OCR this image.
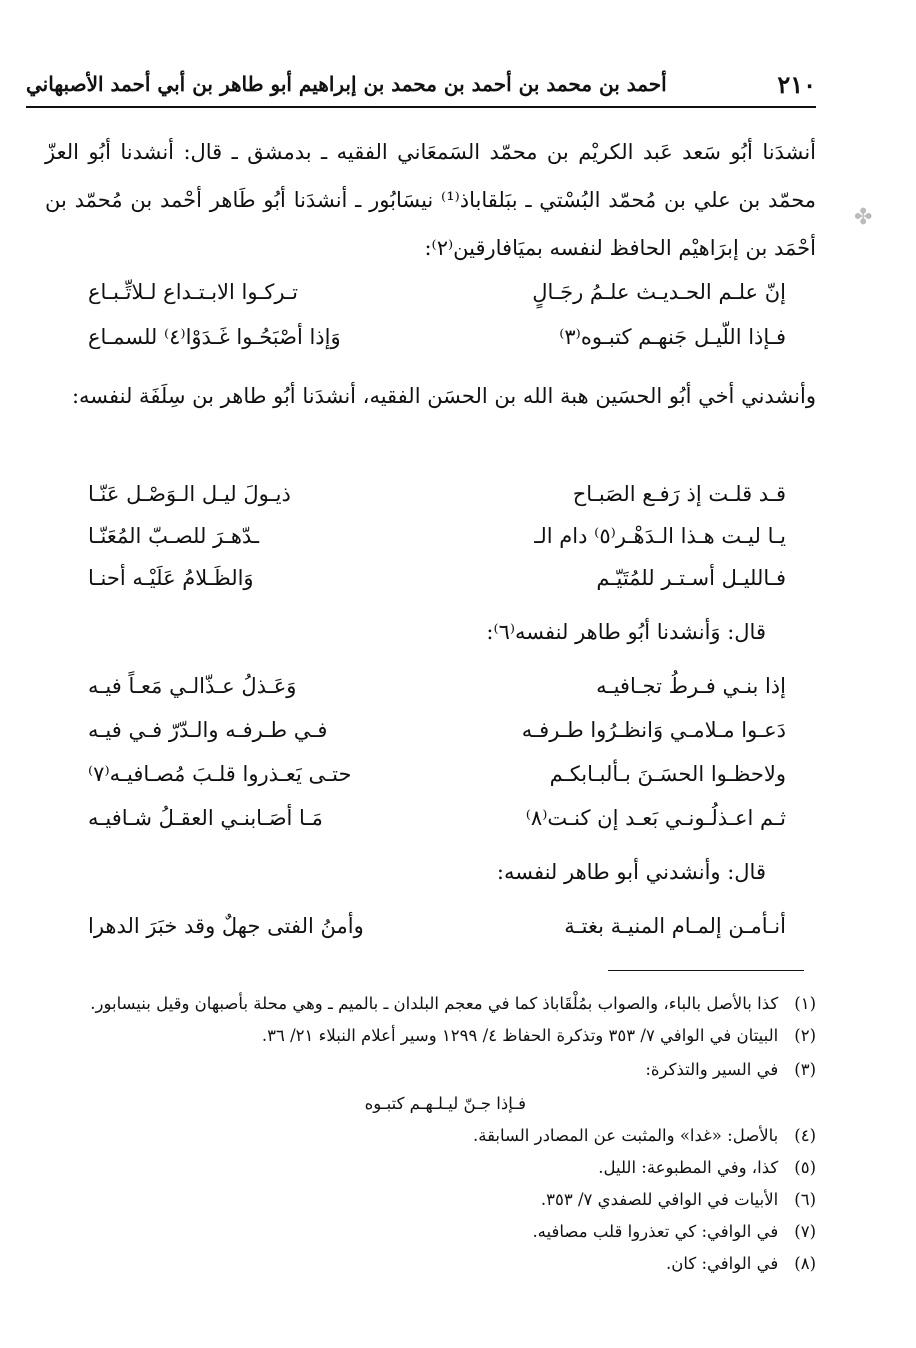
٢١٠
أحمد بن محمد بن أحمد بن محمد بن إبراهيم أبو طاهر بن أبي أحمد الأصبهاني
أنشدَنا أبُو سَعد عَبد الكريْم بن محمّد السَمعَاني الفقيه ـ بدمشق ـ قال: أنشدنا أبُو العزّ محمّد بن علي بن مُحمّد البُسْتي ـ ببَلقاباذ⁽¹⁾ نيسَابُور ـ أنشدَنا أبُو طَاهر أحْمد بن مُحمّد بن أحْمَد بن إبرَاهيْم الحافظ لنفسه بميَافارقين⁽٢⁾:
إنّ علـم الحـديـث علـمُ رجَـالٍ
تـركـوا الابـتـداع لـلاتِّـبـاع
فـإذا اللّيـل جَنهـم كتبـوه⁽٣⁾
وَإذا أصْبَحُـوا غَـدَوْا⁽٤⁾ للسمـاع
وأنشدني أخي أبُو الحسَين هبة الله بن الحسَن الفقيه، أنشدَنا أبُو طاهر بن سِلَفَة لنفسه:
قـد قلـت إذ رَفـع الصَبـاح
ذيـولَ ليـل الـوَصْـل عَنّـا
يـا ليـت هـذا الـدَهْـر⁽٥⁾ دام الـ
ـدّهـرَ للصـبّ المُعَنّـا
فـالليـل أسـتـر للمُتَيّـم
وَالظَـلامُ عَلَيْـه أحنـا
قال: وَأنشدنا أبُو طاهر لنفسه⁽٦⁾:
إذا بنـي فـرطُ تجـافيـه
وَعَـذلُ عـذّالـي مَعـاً فيـه
دَعـوا مـلامـي وَانظـرُوا طـرفـه
فـي طـرفـه والـدّرّ فـي فيـه
ولاحظـوا الحسَـنَ بـألبـابكـم
حتـى يَعـذروا قلـبَ مُصـافيـه⁽٧⁾
ثـم اعـذلُـونـي بَعـد إن كنـت⁽٨⁾
مَـا أصَـابنـي العقـلُ شـافيـه
قال: وأنشدني أبو طاهر لنفسه:
أنـأمـن إلمـام المنيـة بغتـة
وأمنُ الفتى جهلٌ وقد خبَرَ الدهرا
(١)
كذا بالأصل بالباء، والصواب بمُلْقَاباذ كما في معجم البلدان ـ بالميم ـ وهي محلة بأصبهان وقيل بنيسابور.
(٢)
البيتان في الوافي ٧/ ٣٥٣ وتذكرة الحفاظ ٤/ ١٢٩٩ وسير أعلام النبلاء ٢١/ ٣٦.
(٣)
في السير والتذكرة:
فـإذا جـنّ ليـلـهـم كتبـوه
(٤)
بالأصل: «غدا» والمثبت عن المصادر السابقة.
(٥)
كذا، وفي المطبوعة: الليل.
(٦)
الأبيات في الوافي للصفدي ٧/ ٣٥٣.
(٧)
في الوافي: كي تعذروا قلب مصافيه.
(٨)
في الوافي: كان.
✤
